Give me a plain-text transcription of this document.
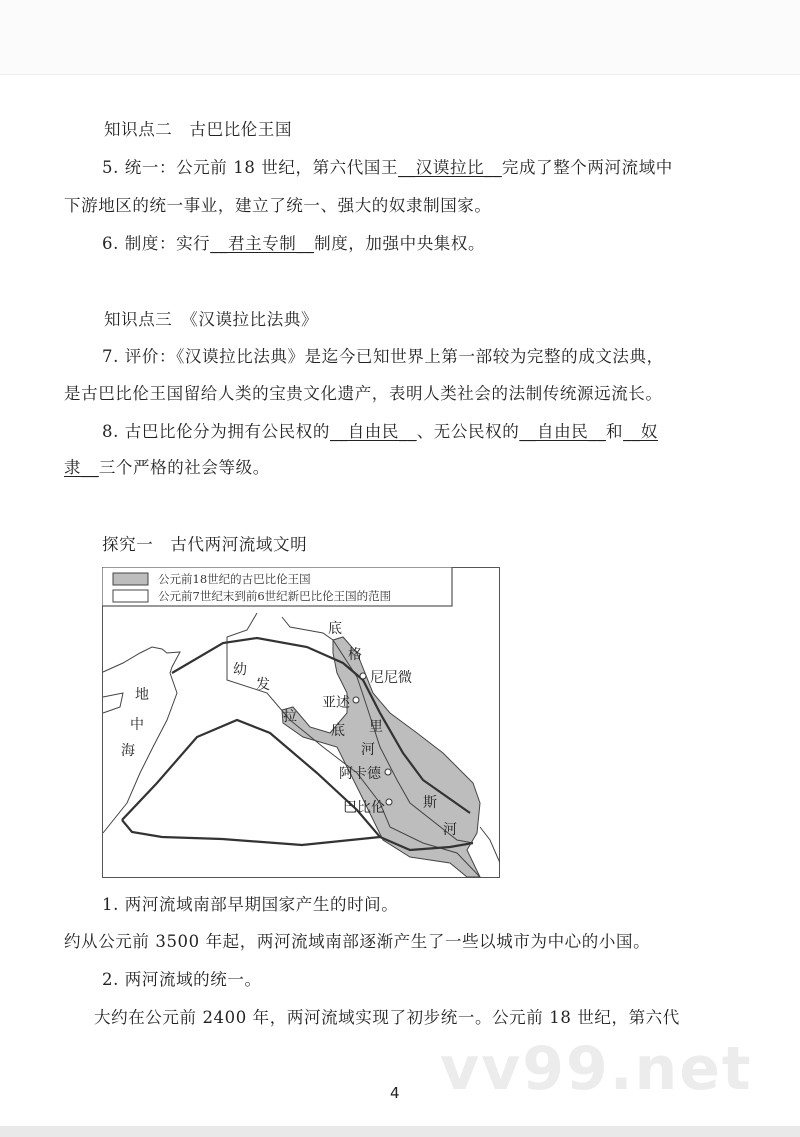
知识点二　古巴比伦王国
5. 统一：公元前 18 世纪，第六代国王__汉谟拉比__完成了整个两河流域中
下游地区的统一事业，建立了统一、强大的奴隶制国家。
6. 制度：实行__君主专制__制度，加强中央集权。
知识点三　《汉谟拉比法典》
7. 评价：《汉谟拉比法典》是迄今已知世界上第一部较为完整的成文法典，
是古巴比伦王国留给人类的宝贵文化遗产，表明人类社会的法制传统源远流长。
8. 古巴比伦分为拥有公民权的__自由民__、无公民权的__自由民__和__奴
隶__三个严格的社会等级。
探究一　古代两河流域文明
底
格
尼尼微
亚述
幼
发
拉
底 里
河
阿卡德
巴比伦	斯
河
地
中
海
公元前18世纪的古巴比伦王国
公元前7世纪末到前6世纪新巴比伦王国的范围
1. 两河流域南部早期国家产生的时间。
约从公元前 3500 年起，两河流域南部逐渐产生了一些以城市为中心的小国。
2. 两河流域的统一。
大约在公元前 2400 年，两河流域实现了初步统一。公元前 18 世纪，第六代
vv99.net
4
